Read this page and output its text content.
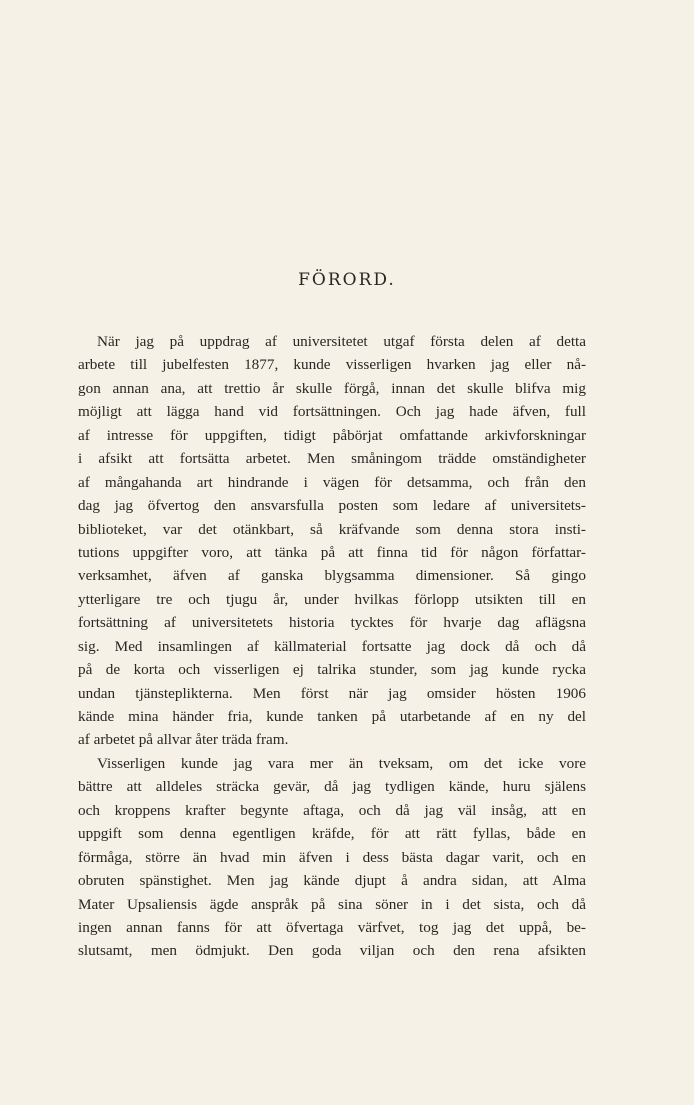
FÖRORD.
När jag på uppdrag af universitetet utgaf första delen af detta
arbete till jubelfesten 1877, kunde visserligen hvarken jag eller nå-
gon annan ana, att trettio år skulle förgå, innan det skulle blifva mig
möjligt att lägga hand vid fortsättningen. Och jag hade äfven, full
af intresse för uppgiften, tidigt påbörjat omfattande arkivforskningar
i afsikt att fortsätta arbetet. Men småningom trädde omständigheter
af mångahanda art hindrande i vägen för detsamma, och från den
dag jag öfvertog den ansvarsfulla posten som ledare af universitets-
biblioteket, var det otänkbart, så kräfvande som denna stora insti-
tutions uppgifter voro, att tänka på att finna tid för någon författar-
verksamhet, äfven af ganska blygsamma dimensioner. Så gingo
ytterligare tre och tjugu år, under hvilkas förlopp utsikten till en
fortsättning af universitetets historia tycktes för hvarje dag aflägsna
sig. Med insamlingen af källmaterial fortsatte jag dock då och då
på de korta och visserligen ej talrika stunder, som jag kunde rycka
undan tjänsteplikterna. Men först när jag omsider hösten 1906
kände mina händer fria, kunde tanken på utarbetande af en ny del
af arbetet på allvar åter träda fram.
Visserligen kunde jag vara mer än tveksam, om det icke vore
bättre att alldeles sträcka gevär, då jag tydligen kände, huru själens
och kroppens krafter begynte aftaga, och då jag väl insåg, att en
uppgift som denna egentligen kräfde, för att rätt fyllas, både en
förmåga, större än hvad min äfven i dess bästa dagar varit, och en
obruten spänstighet. Men jag kände djupt å andra sidan, att Alma
Mater Upsaliensis ägde anspråk på sina söner in i det sista, och då
ingen annan fanns för att öfvertaga värfvet, tog jag det uppå, be-
slutsamt, men ödmjukt. Den goda viljan och den rena afsikten
